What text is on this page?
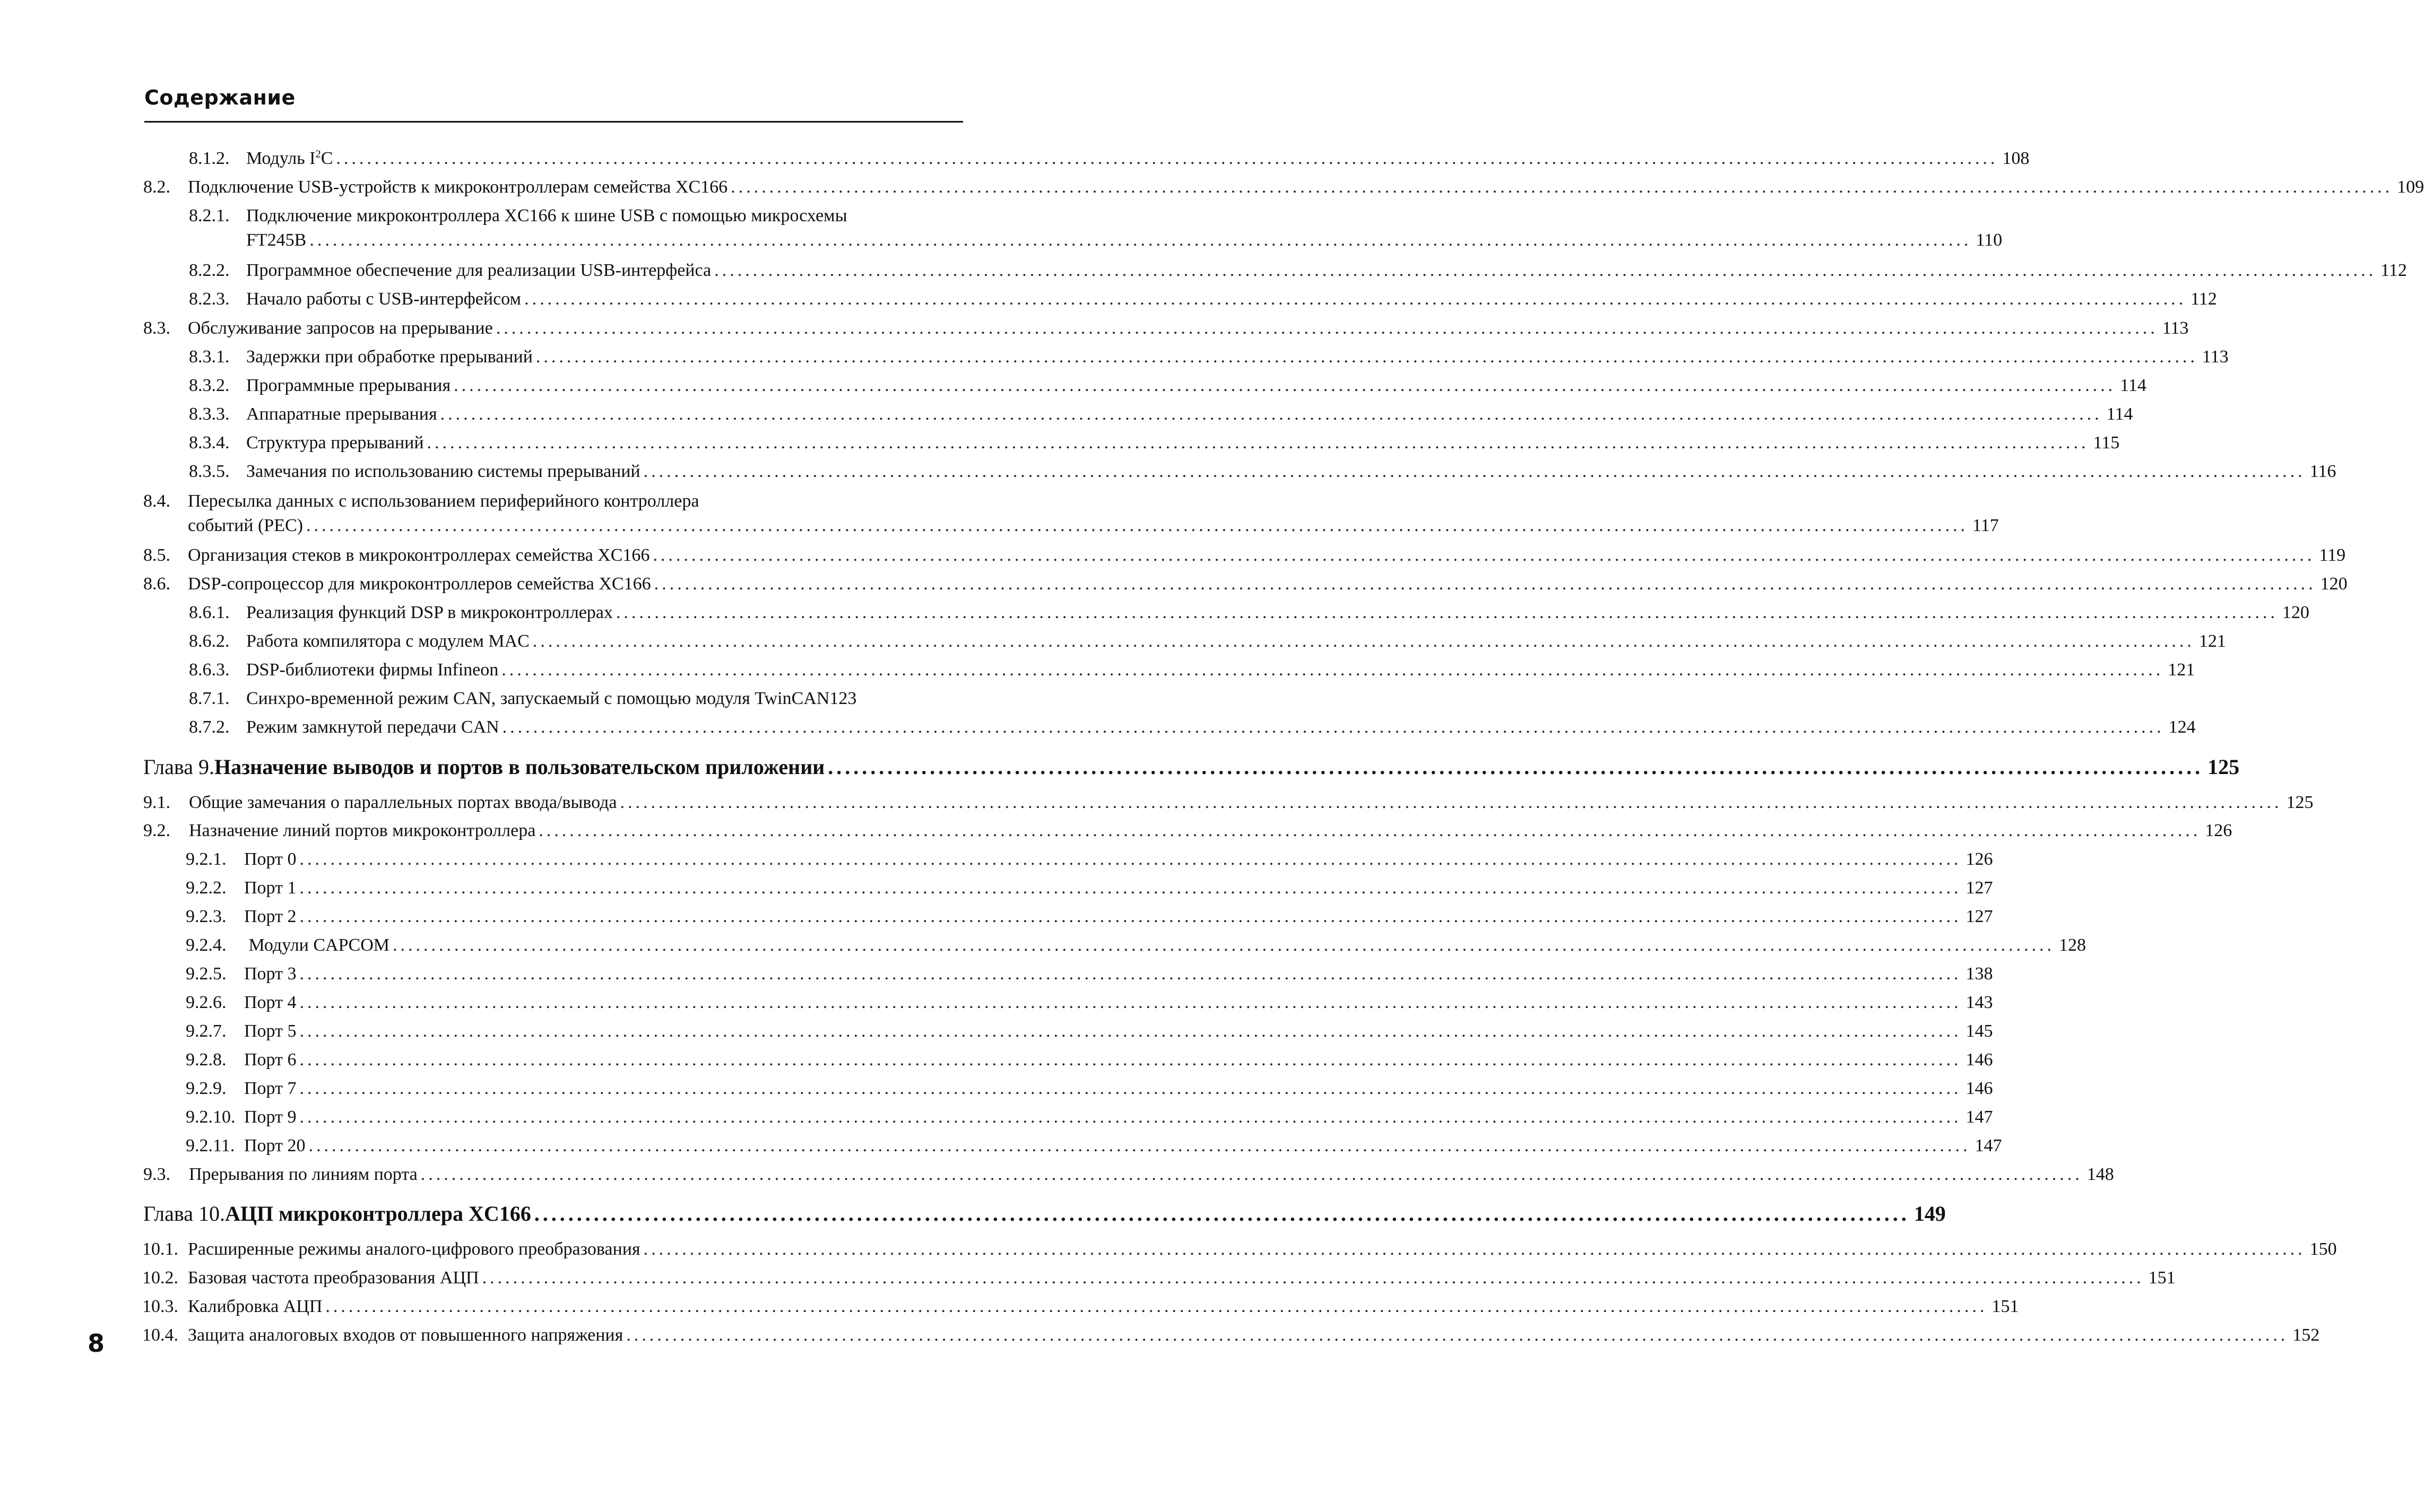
Содержание
8.1.2. Модуль $I^2C$ .....	108
8.2. Подключение USB-устройств к микроконтроллерам семейства XC166 .....	109
8.2.1. Подключение микроконтроллера XC166 к шине USB с помощью микросхемы
FT245B .....	110
8.2.2. Программное обеспечение для реализации USB-интерфейса .....	112
8.2.3. Начало работы с USB-интерфейсом .....	112
8.3. Обслуживание запросов на прерывание .....	113
8.3.1. Задержки при обработке прерываний .....	113
8.3.2. Программные прерывания .....	114
8.3.3. Аппаратные прерывания .....	114
8.3.4. Структура прерываний .....	115
8.3.5. Замечания по использованию системы прерываний .....	116
8.4. Пересылка данных с использованием периферийного контроллера
событий (PEC) .....	117
8.5. Организация стеков в микроконтроллерах семейства XC166 .....	119
8.6. DSP-сопроцессор для микроконтроллеров семейства XC166 .....	120
8.6.1. Реализация функций DSP в микроконтроллерах .....	120
8.6.2. Работа компилятора с модулем MAC .....	121
8.6.3. DSP-библиотеки фирмы Infineon .....	121
8.7.1. Синхро-временной режим CAN, запускаемый с помощью модуля TwinCAN 123
8.7.2. Режим замкнутой передачи CAN .....	124
Глава 9. Назначение выводов и портов в пользовательском приложении .....	125
9.1.	Общие замечания о параллельных портах ввода/вывода .....	125
9.2.	Назначение линий портов микроконтроллера .....	126
9.2.1. Порт 0 .....	126
9.2.2. Порт 1 .....	127
9.2.3. Порт 2 .....	127
9.2.4. Модули CAPCOM .....	128
9.2.5. Порт 3 .....	138
9.2.6. Порт 4 .....	143
9.2.7. Порт 5 .....	145
9.2.8. Порт 6 .....	146
9.2.9. Порт 7 .....	146
9.2.10. Порт 9 .....	147
9.2.11. Порт 20 .....	147
9.3.	Прерывания по линиям порта .....	148
Глава 10. АЦП микроконтроллера XC166 .....	149
10.1. Расширенные режимы аналого-цифрового преобразования .....	150
10.2. Базовая частота преобразования АЦП .....	151
10.3. Калибровка АЦП .....	151
10.4. Защита аналоговых входов от повышенного напряжения .....	152
8
